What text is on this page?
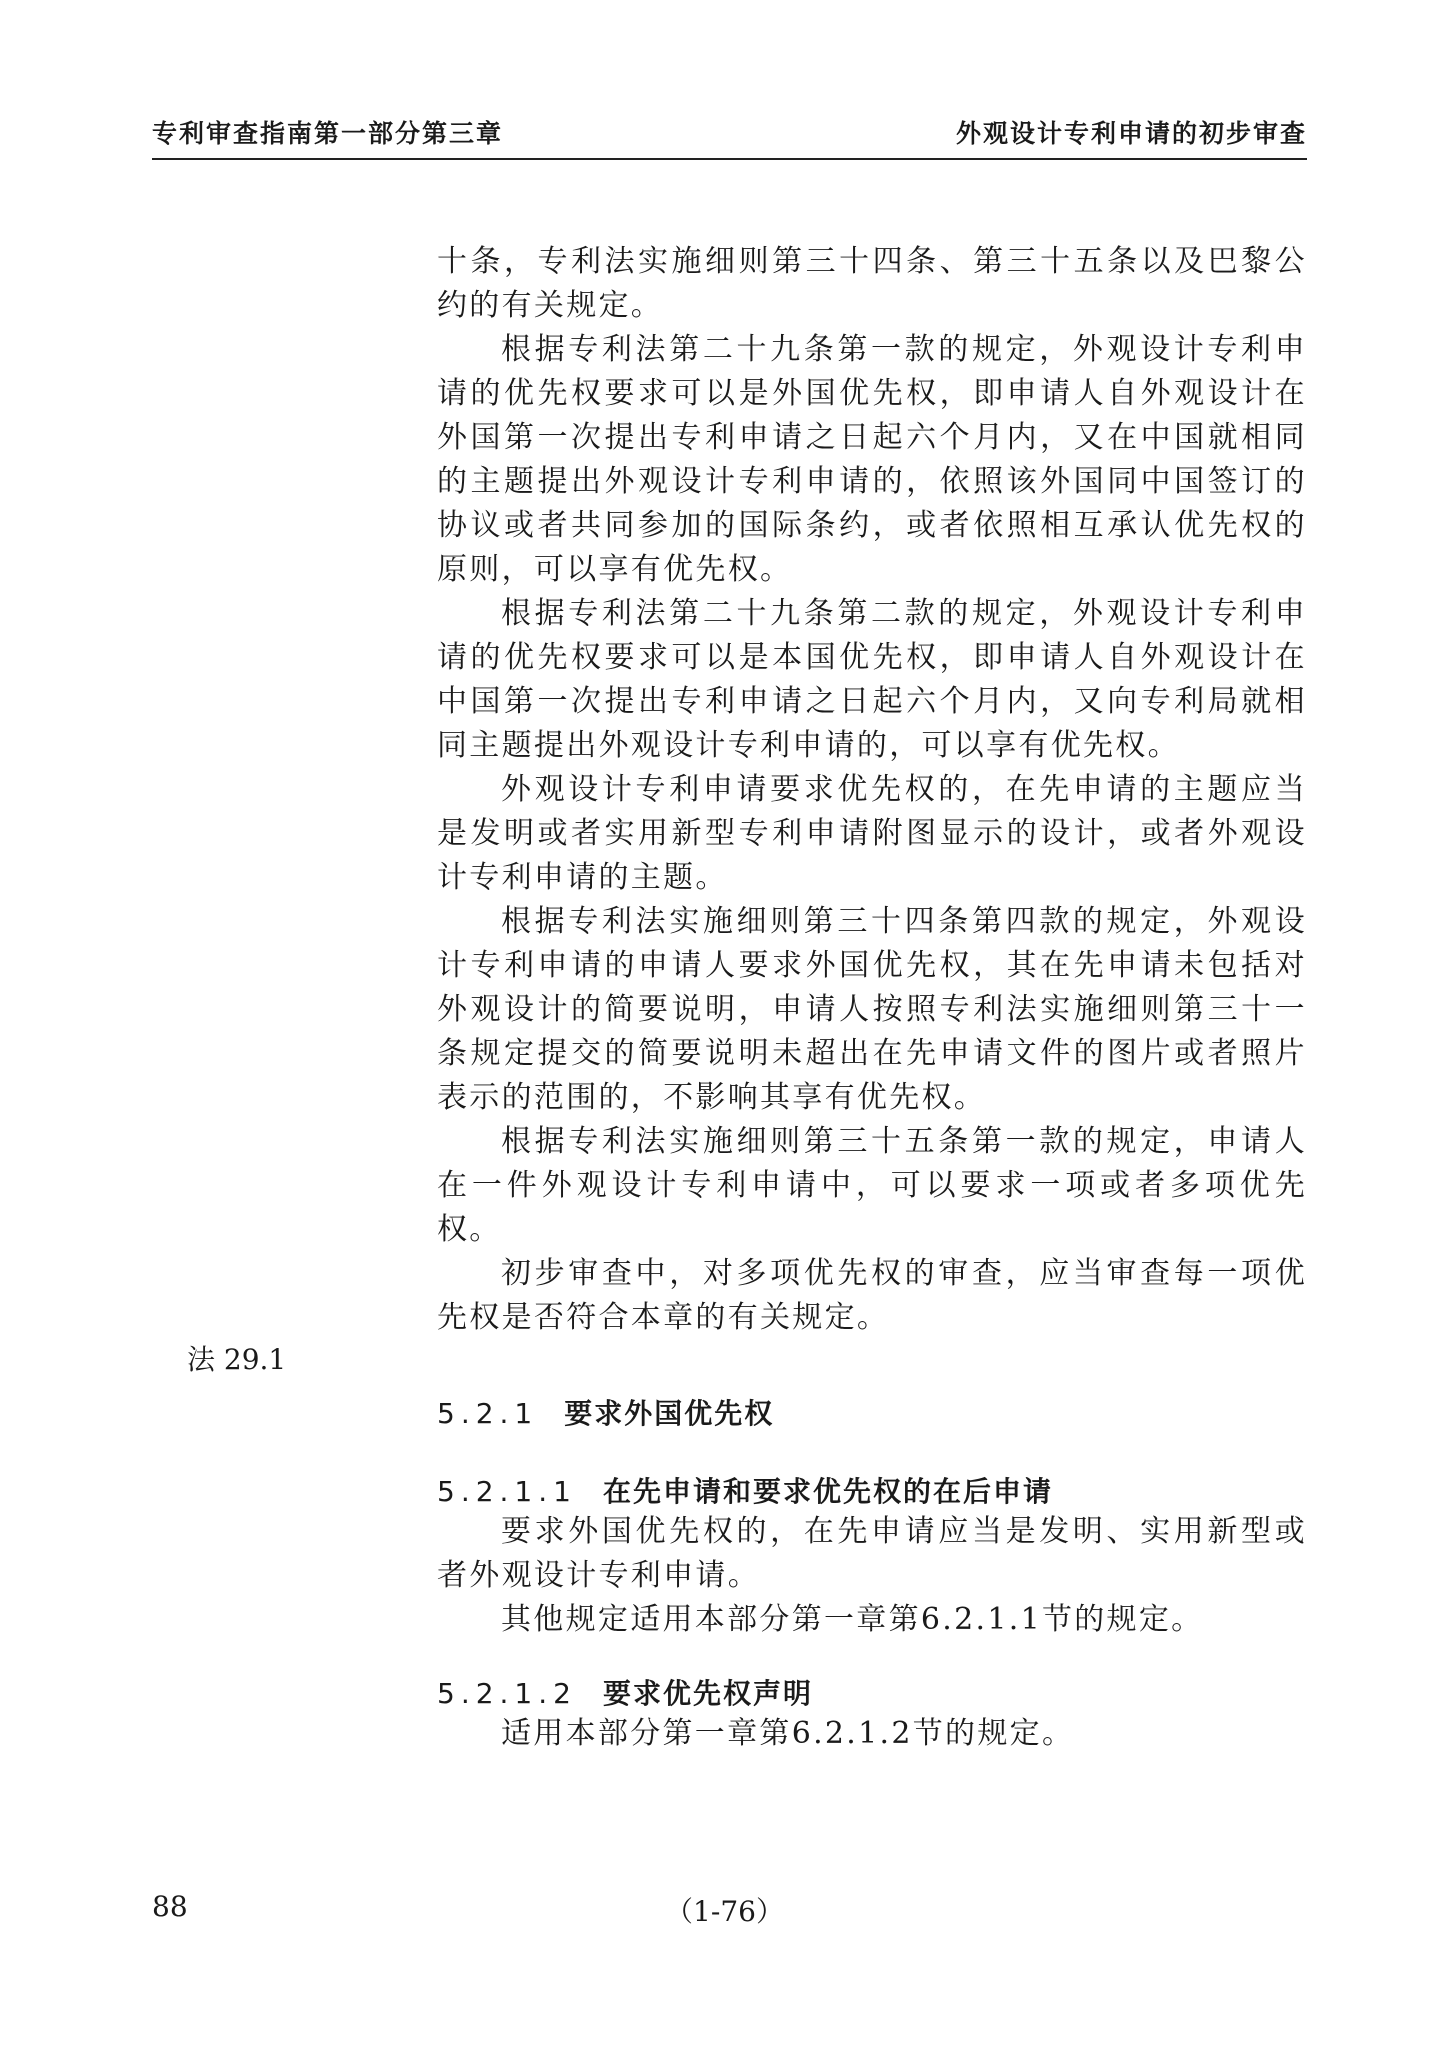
专利审查指南第一部分第三章	外观设计专利申请的初步审查

十条，专利法实施细则第三十四条、第三十五条以及巴黎公约的有关规定。

根据专利法第二十九条第一款的规定，外观设计专利申请的优先权要求可以是外国优先权，即申请人自外观设计在外国第一次提出专利申请之日起六个月内，又在中国就相同的主题提出外观设计专利申请的，依照该外国同中国签订的协议或者共同参加的国际条约，或者依照相互承认优先权的原则，可以享有优先权。

根据专利法第二十九条第二款的规定，外观设计专利申请的优先权要求可以是本国优先权，即申请人自外观设计在中国第一次提出专利申请之日起六个月内，又向专利局就相同主题提出外观设计专利申请的，可以享有优先权。

外观设计专利申请要求优先权的，在先申请的主题应当是发明或者实用新型专利申请附图显示的设计，或者外观设计专利申请的主题。

根据专利法实施细则第三十四条第四款的规定，外观设计专利申请的申请人要求外国优先权，其在先申请未包括对外观设计的简要说明，申请人按照专利法实施细则第三十一条规定提交的简要说明未超出在先申请文件的图片或者照片表示的范围的，不影响其享有优先权。

根据专利法实施细则第三十五条第一款的规定，申请人在一件外观设计专利申请中，可以要求一项或者多项优先权。

初步审查中，对多项优先权的审查，应当审查每一项优先权是否符合本章的有关规定。

5.2.1 要求外国优先权

5.2.1.1 在先申请和要求优先权的在后申请

要求外国优先权的，在先申请应当是发明、实用新型或者外观设计专利申请。

其他规定适用本部分第一章第6.2.1.1节的规定。

5.2.1.2 要求优先权声明

适用本部分第一章第6.2.1.2节的规定。

法 29.1
88	（1-76）
